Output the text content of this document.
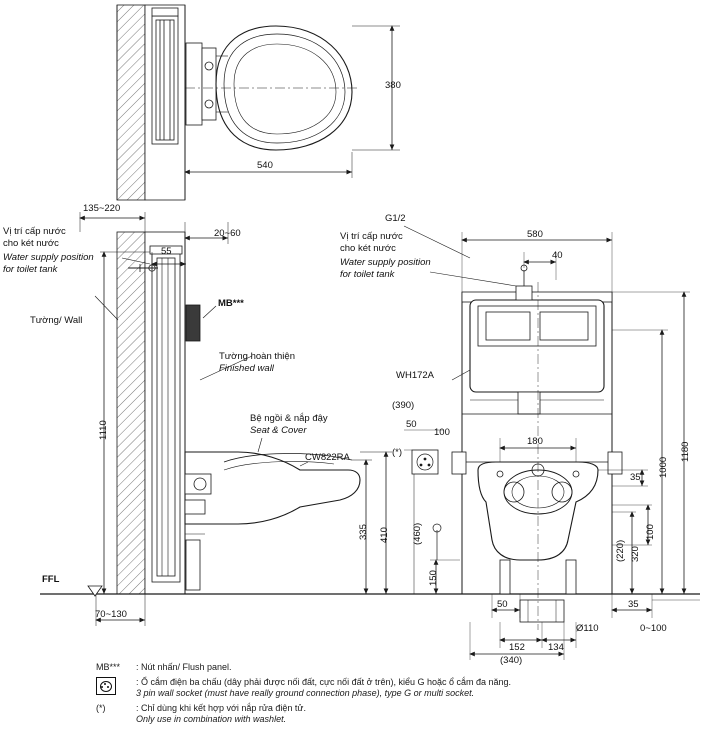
540
380
135~220
20~60
55
Vị trí cấp nước
cho két nước
Water supply position
for toilet tank
Tường/ Wall
MB***
Tường hoàn thiện
Finished wall
Bệ ngồi & nắp đậy
Seat & Cover
CW822RA
1110
335 410
FFL
70~130
G1/2
Vị trí cấp nước
cho két nước
Water supply position
for toilet tank
WH172A
580
40
180
(390)
50
100
(*)
(460)
150
(220) 320
100
35 1000
1180
50	35
0~100
Ø110
152 134
(340)
MB***	: Nút nhấn/ Flush panel.
: Ổ cắm điện ba chấu (dây phải được nối đất, cực nối đất ở trên), kiểu G hoặc ổ cắm đa năng.
3 pin wall socket (must have really ground connection phase), type G or multi socket.
(*)	: Chỉ dùng khi kết hợp với nắp rửa điện tử.
Only use in combination with washlet.
